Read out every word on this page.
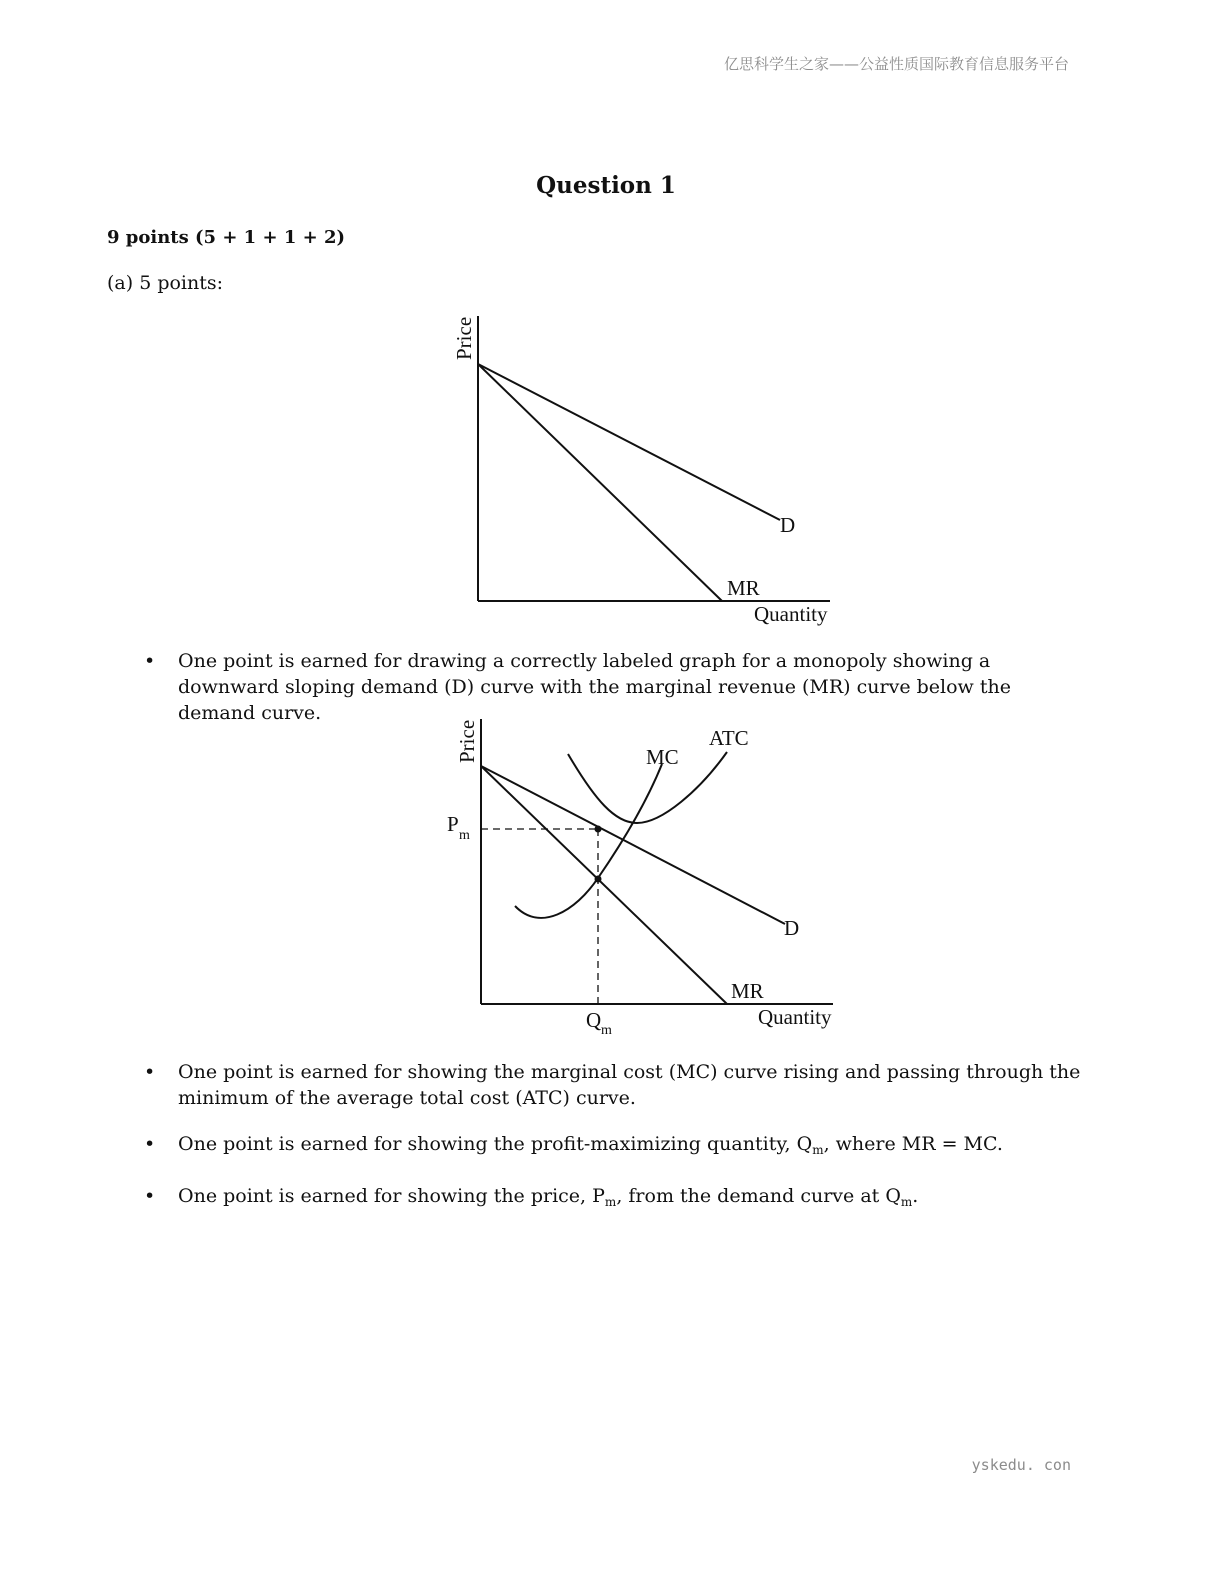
亿思科学生之家——公益性质国际教育信息服务平台
Question 1
9 points (5 + 1 + 1 + 2)
(a) 5 points:
Price
Quantity
D
MR
• One point is earned for drawing a correctly labeled graph for a monopoly showing a downward sloping demand (D) curve with the marginal revenue (MR) curve below the demand curve.
Price
Quantity
D
MR
MC
ATC
P m
Q m
• One point is earned for showing the marginal cost (MC) curve rising and passing through the minimum of the average total cost (ATC) curve.
• One point is earned for showing the profit-maximizing quantity, $Q_m$, where MR = MC.
• One point is earned for showing the price, $P_m$, from the demand curve at $Q_m$.
yskedu. con
